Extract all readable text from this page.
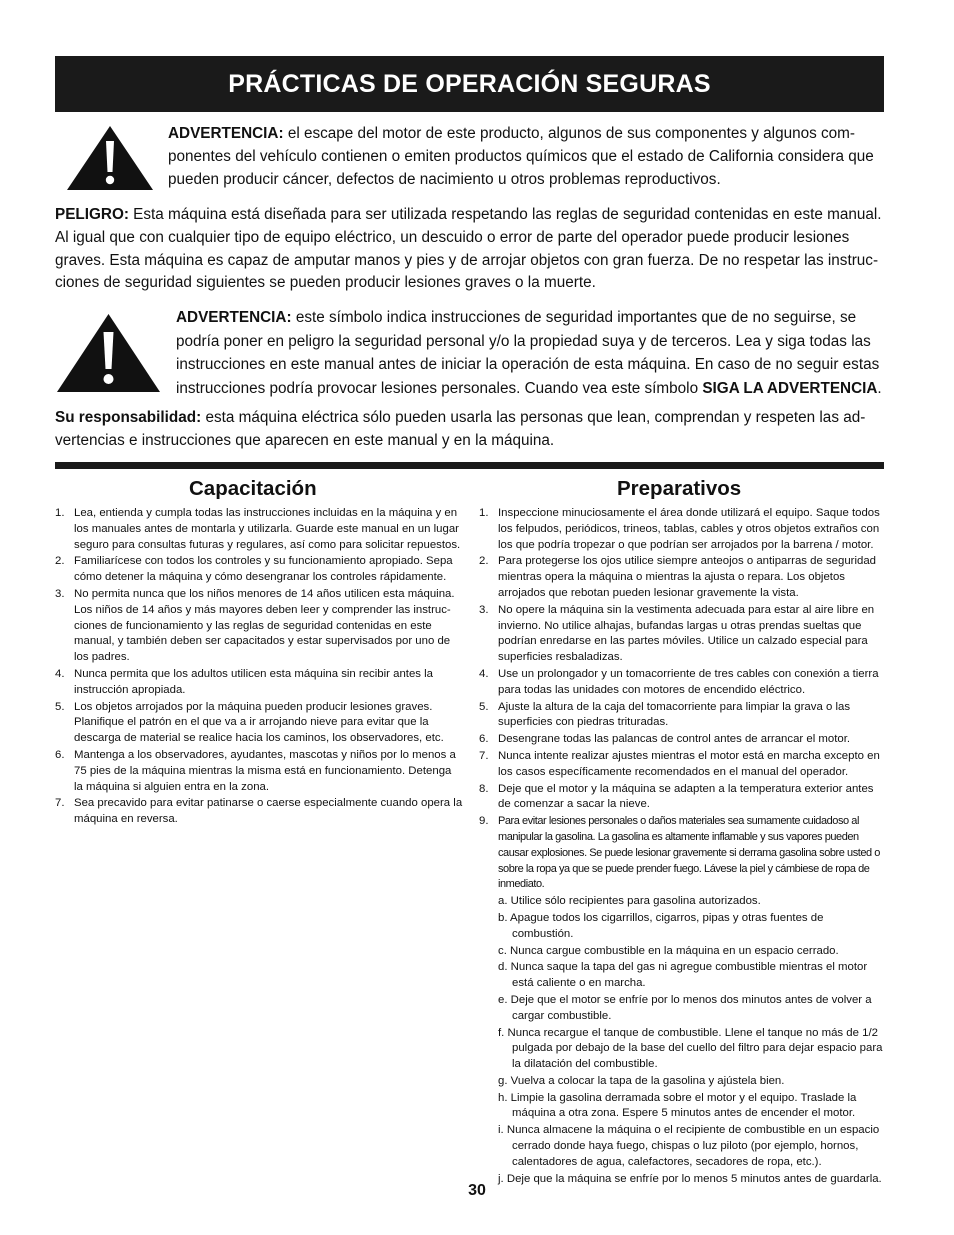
PRÁCTICAS DE OPERACIÓN SEGURAS
ADVERTENCIA: el escape del motor de este producto, algunos de sus componentes y algunos com-ponentes del vehículo contienen o emiten productos químicos que el estado de California considera que pueden producir cáncer, defectos de nacimiento u otros problemas reproductivos.
PELIGRO: Esta máquina está diseñada para ser utilizada respetando las reglas de seguridad contenidas en este manual. Al igual que con cualquier tipo de equipo eléctrico, un descuido o error de parte del operador puede producir lesiones graves. Esta máquina es capaz de amputar manos y pies y de arrojar objetos con gran fuerza. De no respetar las instruc-ciones de seguridad siguientes se pueden producir lesiones graves o la muerte.
ADVERTENCIA: este símbolo indica instrucciones de seguridad importantes que de no seguirse, se podría poner en peligro la seguridad personal y/o la propiedad suya y de terceros. Lea y siga todas las instrucciones en este manual antes de iniciar la operación de esta máquina. En caso de no seguir estas instrucciones podría provocar lesiones personales. Cuando vea este símbolo SIGA LA ADVERTENCIA.
Su responsabilidad: esta máquina eléctrica sólo pueden usarla las personas que lean, comprendan y respeten las ad-vertencias e instrucciones que aparecen en este manual y en la máquina.
Capacitación
1. Lea, entienda y cumpla todas las instrucciones incluidas en la máquina y en los manuales antes de montarla y utilizarla. Guarde este manual en un lugar seguro para consultas futuras y regulares, así como para solicitar repuestos.
2. Familiarícese con todos los controles y su funcionamiento apropiado. Sepa cómo detener la máquina y cómo desengranar los controles rápidamente.
3. No permita nunca que los niños menores de 14 años utilicen esta máquina. Los niños de 14 años y más mayores deben leer y comprender las instruc-ciones de funcionamiento y las reglas de seguridad contenidas en este manual, y también deben ser capacitados y estar supervisados por uno de los padres.
4. Nunca permita que los adultos utilicen esta máquina sin recibir antes la instrucción apropiada.
5. Los objetos arrojados por la máquina pueden producir lesiones graves. Planifique el patrón en el que va a ir arrojando nieve para evitar que la descarga de material se realice hacia los caminos, los observadores, etc.
6. Mantenga a los observadores, ayudantes, mascotas y niños por lo menos a 75 pies de la máquina mientras la misma está en funcionamiento. Detenga la máquina si alguien entra en la zona.
7. Sea precavido para evitar patinarse o caerse especialmente cuando opera la máquina en reversa.
Preparativos
1. Inspeccione minuciosamente el área donde utilizará el equipo. Saque todos los felpudos, periódicos, trineos, tablas, cables y otros objetos extraños con los que podría tropezar o que podrían ser arrojados por la barrena / motor.
2. Para protegerse los ojos utilice siempre anteojos o antiparras de seguridad mientras opera la máquina o mientras la ajusta o repara. Los objetos arrojados que rebotan pueden lesionar gravemente la vista.
3. No opere la máquina sin la vestimenta adecuada para estar al aire libre en invierno. No utilice alhajas, bufandas largas u otras prendas sueltas que podrían enredarse en las partes móviles. Utilice un calzado especial para superficies resbaladizas.
4. Use un prolongador y un tomacorriente de tres cables con conexión a tierra para todas las unidades con motores de encendido eléctrico.
5. Ajuste la altura de la caja del tomacorriente para limpiar la grava o las superficies con piedras trituradas.
6. Desengrane todas las palancas de control antes de arrancar el motor.
7. Nunca intente realizar ajustes mientras el motor está en marcha excepto en los casos específicamente recomendados en el manual del operador.
8. Deje que el motor y la máquina se adapten a la temperatura exterior antes de comenzar a sacar la nieve.
9. Para evitar lesiones personales o daños materiales sea sumamente cuidadoso al manipular la gasolina. La gasolina es altamente inflamable y sus vapores pueden causar explosiones. Se puede lesionar gravemente si derrama gasolina sobre usted o sobre la ropa ya que se puede prender fuego. Lávese la piel y cámbiese de ropa de inmediato.
a. Utilice sólo recipientes para gasolina autorizados.
b. Apague todos los cigarrillos, cigarros, pipas y otras fuentes de combustión.
c. Nunca cargue combustible en la máquina en un espacio cerrado.
d. Nunca saque la tapa del gas ni agregue combustible mientras el motor está caliente o en marcha.
e. Deje que el motor se enfríe por lo menos dos minutos antes de volver a cargar combustible.
f. Nunca recargue el tanque de combustible. Llene el tanque no más de 1/2 pulgada por debajo de la base del cuello del filtro para dejar espacio para la dilatación del combustible.
g. Vuelva a colocar la tapa de la gasolina y ajústela bien.
h. Limpie la gasolina derramada sobre el motor y el equipo. Traslade la máquina a otra zona. Espere 5 minutos antes de encender el motor.
i. Nunca almacene la máquina o el recipiente de combustible en un espacio cerrado donde haya fuego, chispas o luz piloto (por ejemplo, hornos, calentadores de agua, calefactores, secadores de ropa, etc.).
j. Deje que la máquina se enfríe por lo menos 5 minutos antes de guardarla.
30
